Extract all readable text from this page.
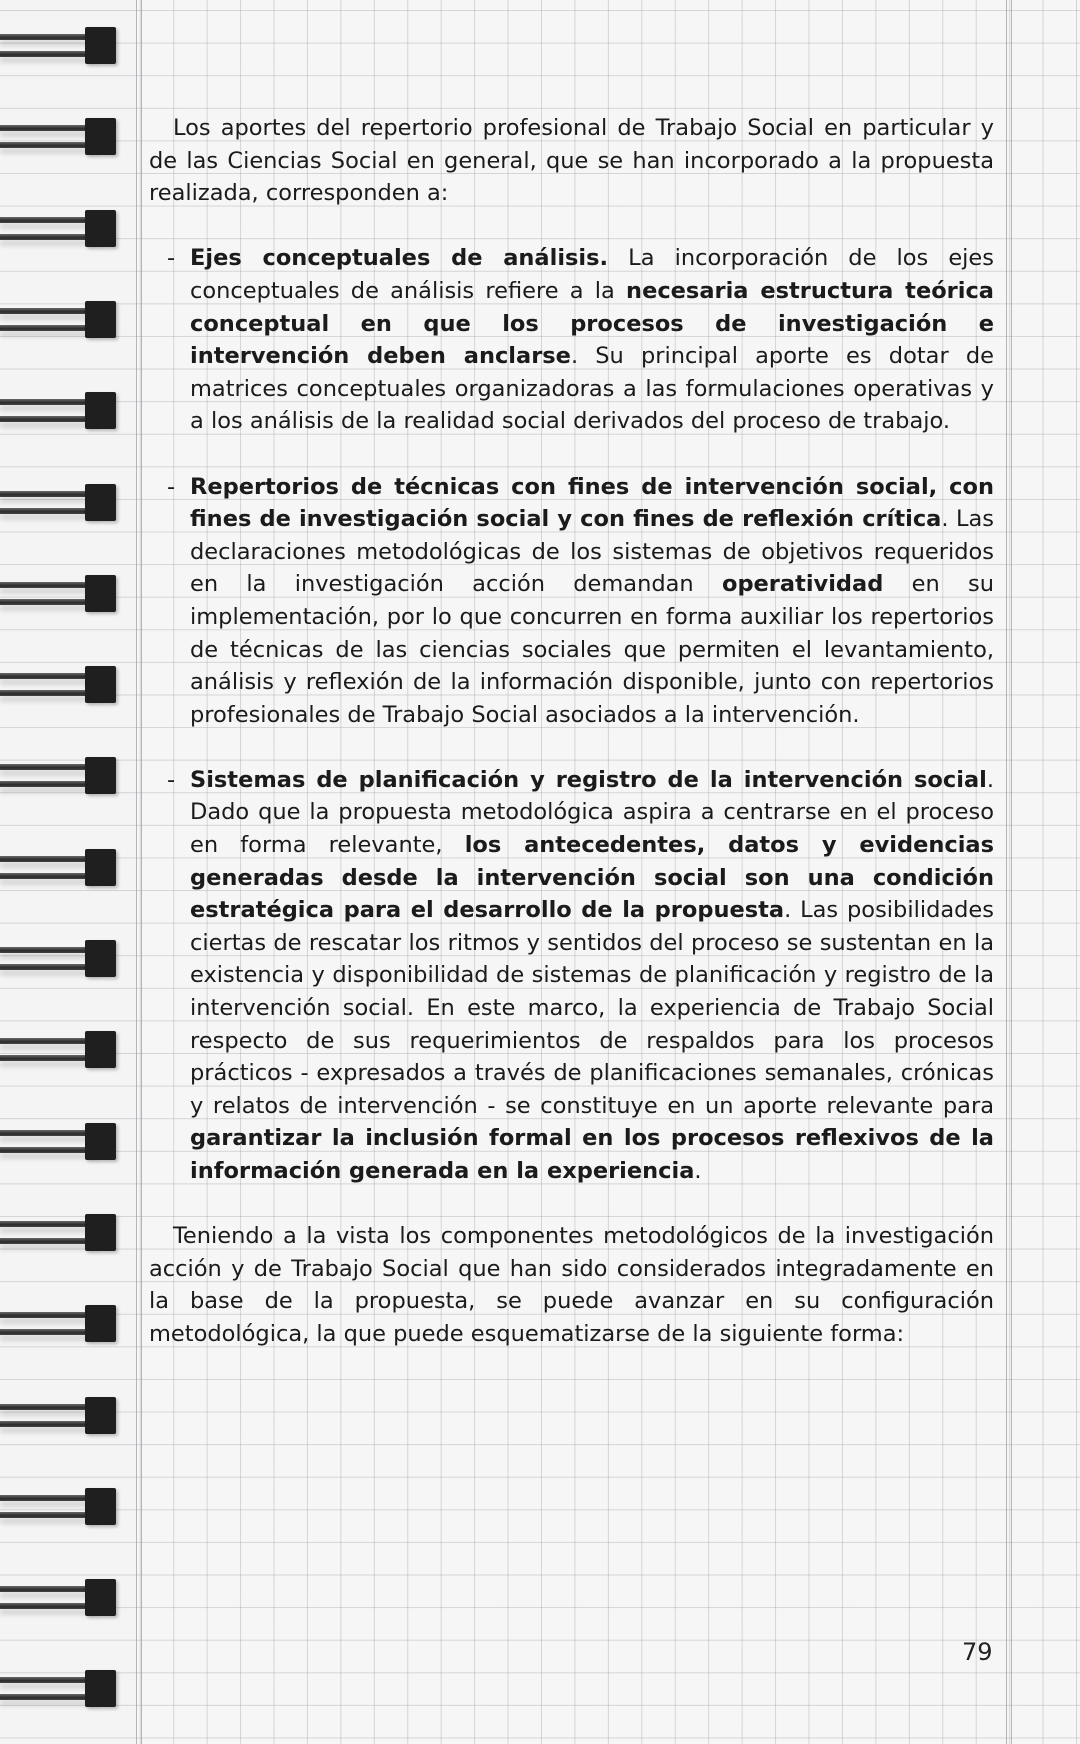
Los aportes del repertorio profesional de Trabajo Social en particular y de las Ciencias Social en general, que se han incorporado a la propuesta realizada, corresponden a:

- Ejes conceptuales de análisis. La incorporación de los ejes conceptuales de análisis refiere a la necesaria estructura teórica conceptual en que los procesos de investigación e intervención deben anclarse. Su principal aporte es dotar de matrices conceptuales organizadoras a las formulaciones operativas y a los análisis de la realidad social derivados del proceso de trabajo.

- Repertorios de técnicas con fines de intervención social, con fines de investigación social y con fines de reflexión crítica. Las declaraciones metodológicas de los sistemas de objetivos requeridos en la investigación acción demandan operatividad en su implementación, por lo que concurren en forma auxiliar los repertorios de técnicas de las ciencias sociales que permiten el levantamiento, análisis y reflexión de la información disponible, junto con repertorios profesionales de Trabajo Social asociados a la intervención.

- Sistemas de planificación y registro de la intervención social. Dado que la propuesta metodológica aspira a centrarse en el proceso en forma relevante, los antecedentes, datos y evidencias generadas desde la intervención social son una condición estratégica para el desarrollo de la propuesta. Las posibilidades ciertas de rescatar los ritmos y sentidos del proceso se sustentan en la existencia y disponibilidad de sistemas de planificación y registro de la intervención social. En este marco, la experiencia de Trabajo Social respecto de sus requerimientos de respaldos para los procesos prácticos - expresados a través de planificaciones semanales, crónicas y relatos de intervención - se constituye en un aporte relevante para garantizar la inclusión formal en los procesos reflexivos de la información generada en la experiencia.

Teniendo a la vista los componentes metodológicos de la investigación acción y de Trabajo Social que han sido considerados integradamente en la base de la propuesta, se puede avanzar en su configuración metodológica, la que puede esquematizarse de la siguiente forma:

79
